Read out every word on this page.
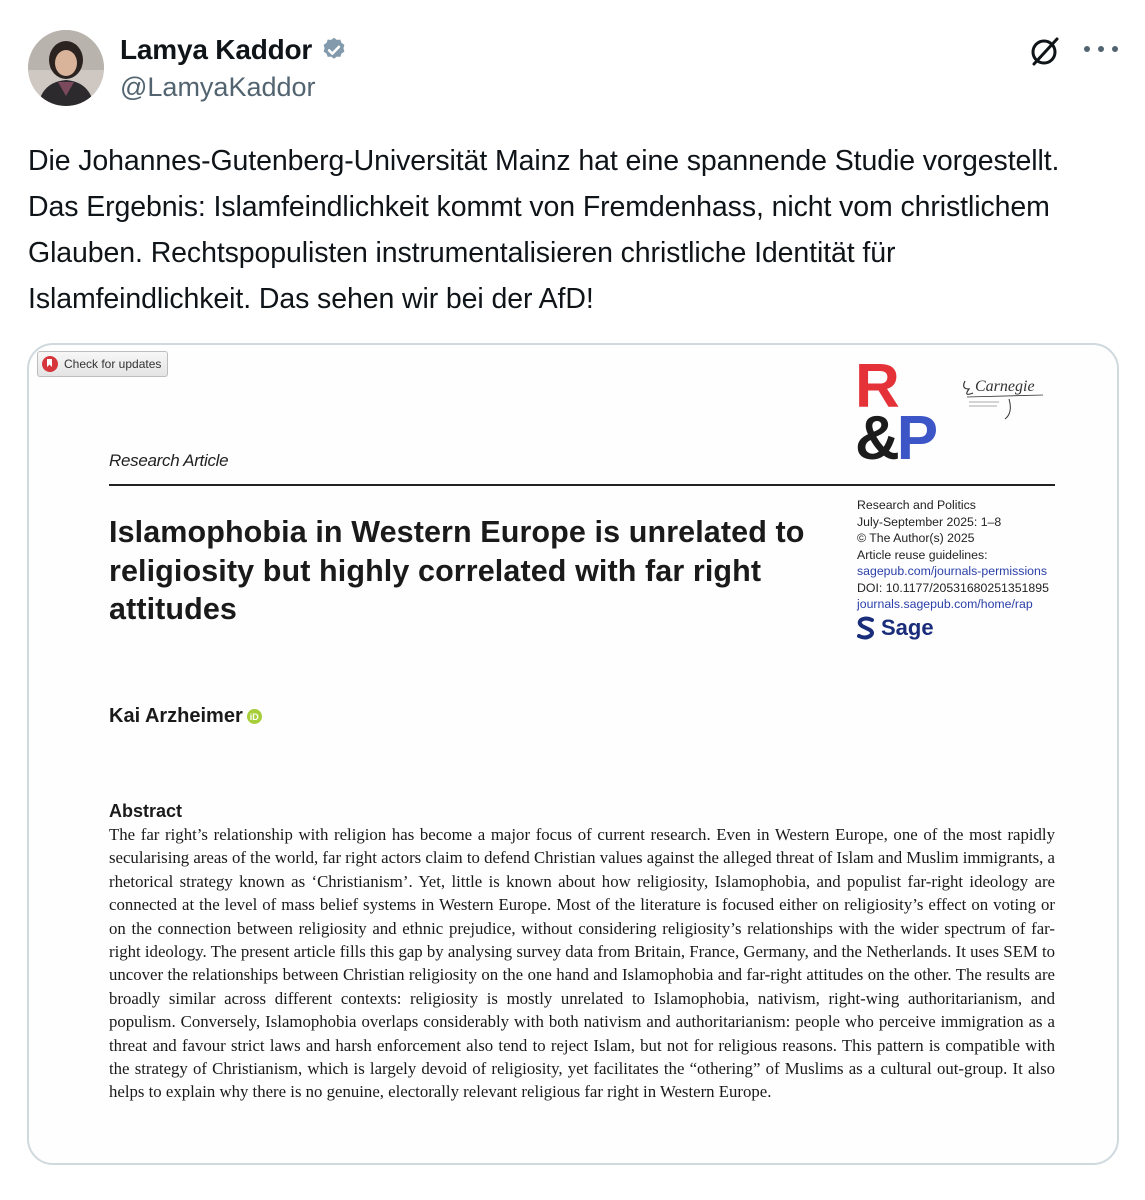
Lamya Kaddor
@LamyaKaddor
Die Johannes-Gutenberg-Universität Mainz hat eine spannende Studie vorgestellt. Das Ergebnis: Islamfeindlichkeit kommt von Fremdenhass, nicht vom christlichem Glauben. Rechtspopulisten instrumentalisieren christliche Identität für Islamfeindlichkeit. Das sehen wir bei der AfD!
Check for updates	R
&P
Carnegie
Research Article
Research and Politics
July-September 2025: 1–8
© The Author(s) 2025
Article reuse guidelines:
sagepub.com/journals-permissions
DOI: 10.1177/20531680251351895
journals.sagepub.com/home/rap
Sage
Islamophobia in Western Europe is unrelated to religiosity but highly correlated with far right attitudes
Kai Arzheimer iD
Abstract
The far right’s relationship with religion has become a major focus of current research. Even in Western Europe, one of the most rapidly secularising areas of the world, far right actors claim to defend Christian values against the alleged threat of Islam and Muslim immigrants, a rhetorical strategy known as ‘Christianism’. Yet, little is known about how religiosity, Islamophobia, and populist far-right ideology are connected at the level of mass belief systems in Western Europe. Most of the literature is focused either on religiosity’s effect on voting or on the connection between religiosity and ethnic prejudice, without considering religiosity’s relationships with the wider spectrum of far-right ideology. The present article fills this gap by analysing survey data from Britain, France, Germany, and the Netherlands. It uses SEM to uncover the relationships between Christian religiosity on the one hand and Islamophobia and far-right attitudes on the other. The results are broadly similar across different contexts: religiosity is mostly unrelated to Islamophobia, nativism, right-wing authoritarianism, and populism. Conversely, Islamophobia overlaps considerably with both nativism and authoritarianism: people who perceive immigration as a threat and favour strict laws and harsh enforcement also tend to reject Islam, but not for religious reasons. This pattern is compatible with the strategy of Christianism, which is largely devoid of religiosity, yet facilitates the “othering” of Muslims as a cultural out-group. It also helps to explain why there is no genuine, electorally relevant religious far right in Western Europe.
